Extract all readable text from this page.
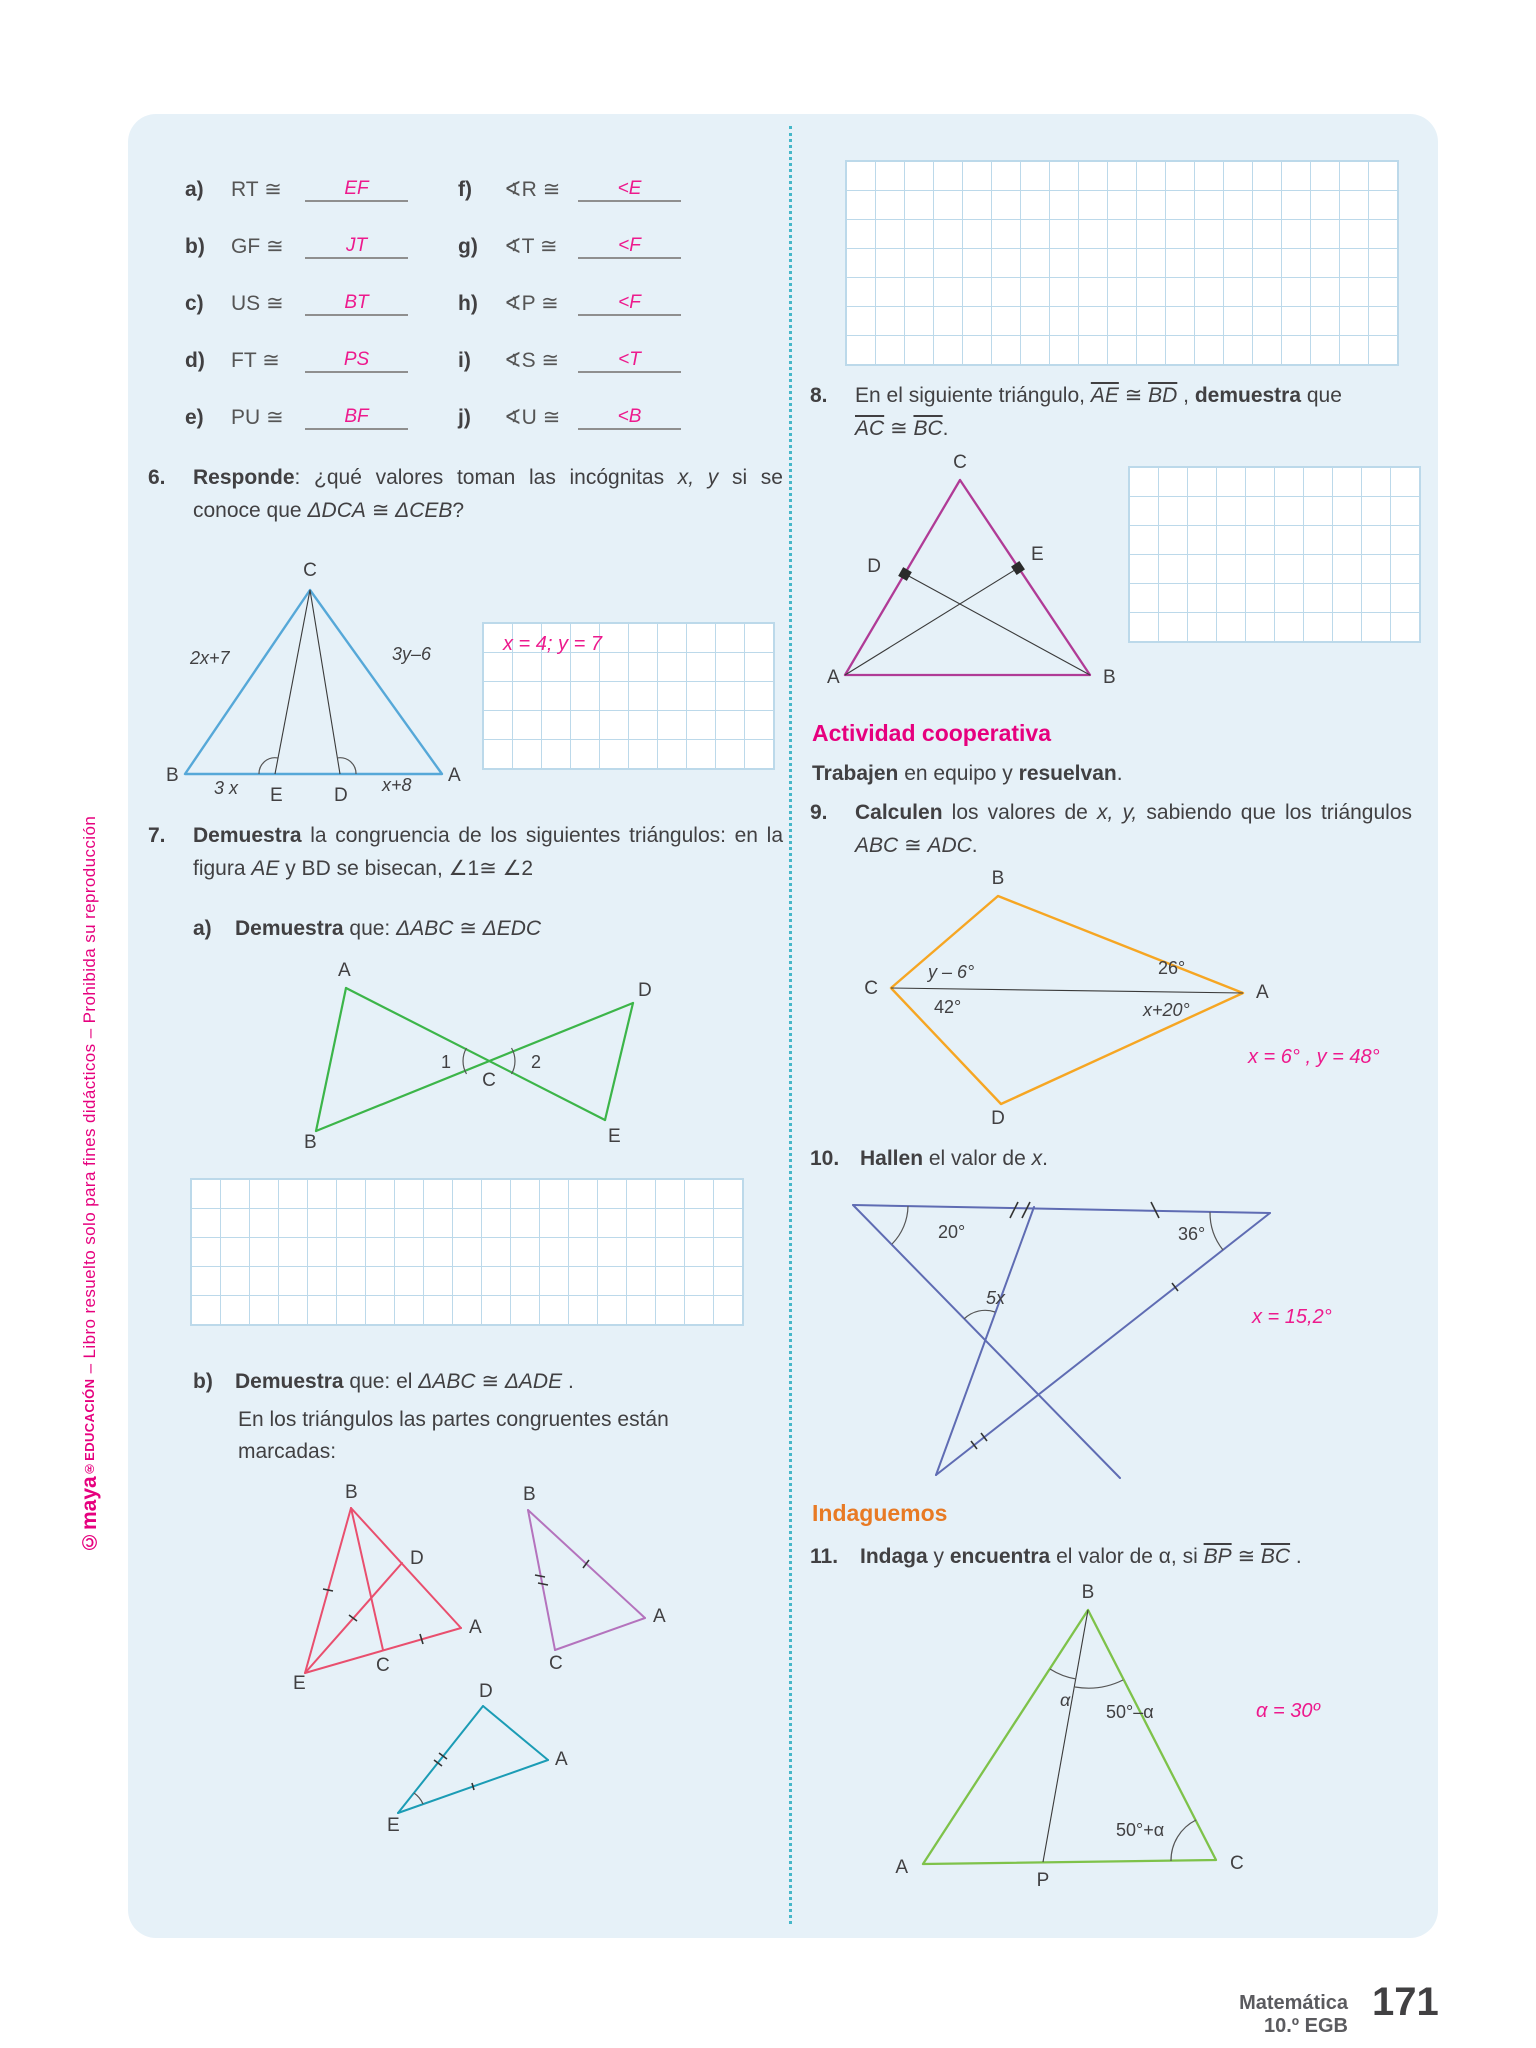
©maya®EDUCACIÓN – Libro resuelto solo para fines didácticos – Prohibida su reproducción
a)	RT ≅	EF	f)	∢R ≅	<E
b)	GF ≅	JT	g)	∢T ≅	<F
c)	US ≅	BT	h)	∢P ≅	<F
d)	FT ≅	PS	i)	∢S ≅	<T
e)	PU ≅	BF	j)	∢U ≅	<B

6.	Responde: ¿qué valores toman las incógnitas x, y si se conoce que ΔDCA ≅ ΔCEB?

C
2x+7	3y–6
B
3 x E	D x+8 A
x = 4; y = 7

7.	Demuestra la congruencia de los siguientes triángulos: en la figura AE y BD se bisecan, ∠1≅ ∠2

a)	Demuestra que: ΔABC ≅ ΔEDC

A
D
B	E
C
1	2

b)	Demuestra que: el ΔABC ≅ ΔADE .

En los triángulos las partes congruentes están marcadas:
B
D
A
E
C
B
A
C
D
A
E

8.	En el siguiente triángulo, $\overline{AE}$ ≅ $\overline{BD}$ , demuestra que
$\overline{AC}$ ≅ $\overline{BC}$.

C
D
E
A	B
Actividad cooperativa
Trabajen en equipo y resuelvan.

9.	Calculen los valores de x, y, sabiendo que los triángulos ABC ≅ ADC.

B
C	A
D
y – 6°	26°
42°	x+20°
x = 6° , y = 48°

10. Hallen el valor de x.

20°	36°
5x
x = 15,2°
Indaguemos

11.	Indaga y encuentra el valor de α, si $\overline{BP}$ ≅ $\overline{BC}$ .

B
A	C
P
α
50°–α
50°+α
α = 30º
Matemática
10.º EGB
171
